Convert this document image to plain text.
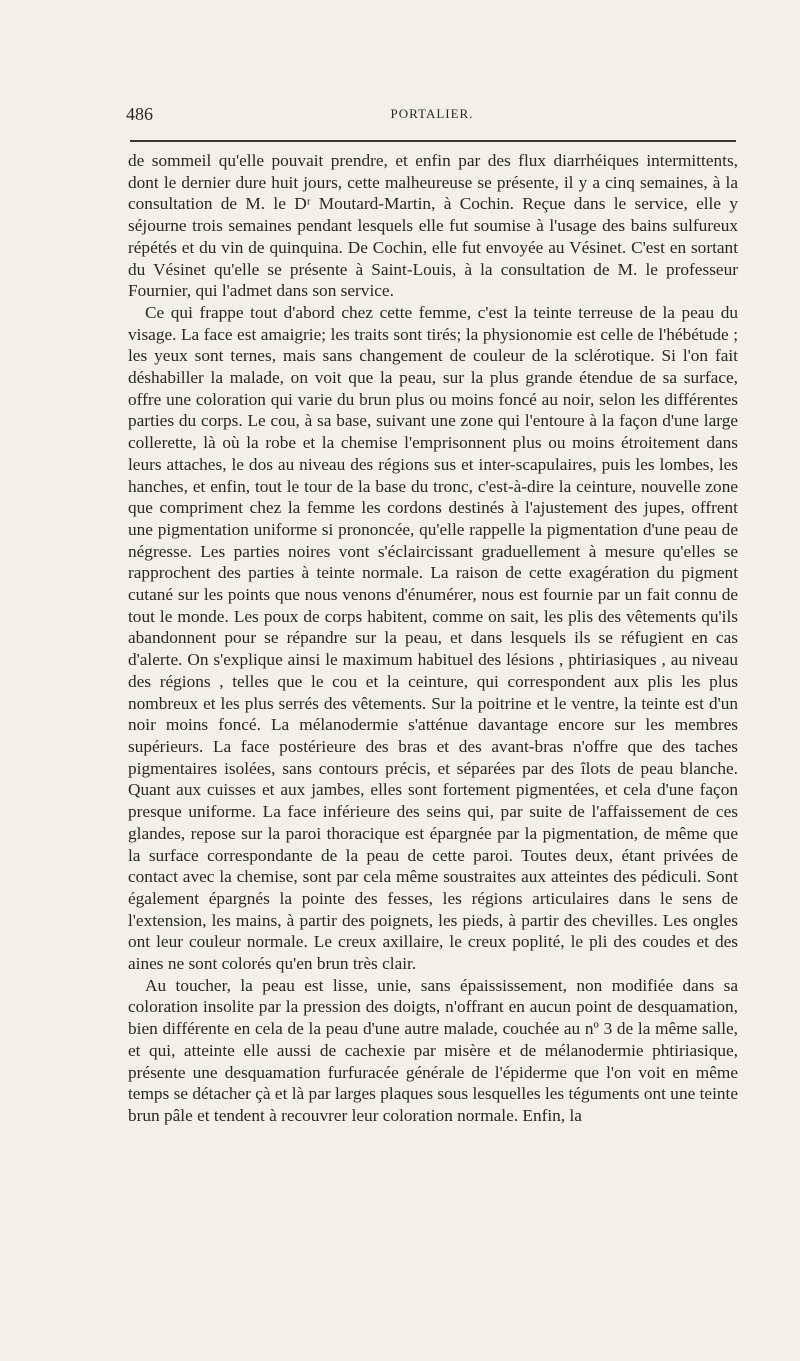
486	PORTALIER.

de sommeil qu'elle pouvait prendre, et enfin par des flux diarrhéiques intermittents, dont le dernier dure huit jours, cette malheureuse se présente, il y a cinq semaines, à la consultation de M. le Dʳ Moutard-Martin, à Cochin. Reçue dans le service, elle y séjourne trois semaines pendant lesquels elle fut soumise à l'usage des bains sulfureux répétés et du vin de quinquina. De Cochin, elle fut envoyée au Vésinet. C'est en sortant du Vésinet qu'elle se présente à Saint-Louis, à la consultation de M. le professeur Fournier, qui l'admet dans son service.

Ce qui frappe tout d'abord chez cette femme, c'est la teinte terreuse de la peau du visage. La face est amaigrie; les traits sont tirés; la physionomie est celle de l'hébétude ; les yeux sont ternes, mais sans changement de couleur de la sclérotique. Si l'on fait déshabiller la malade, on voit que la peau, sur la plus grande étendue de sa surface, offre une coloration qui varie du brun plus ou moins foncé au noir, selon les différentes parties du corps. Le cou, à sa base, suivant une zone qui l'entoure à la façon d'une large collerette, là où la robe et la chemise l'emprisonnent plus ou moins étroitement dans leurs attaches, le dos au niveau des régions sus et inter-scapulaires, puis les lombes, les hanches, et enfin, tout le tour de la base du tronc, c'est-à-dire la ceinture, nouvelle zone que compriment chez la femme les cordons destinés à l'ajustement des jupes, offrent une pigmentation uniforme si prononcée, qu'elle rappelle la pigmentation d'une peau de négresse. Les parties noires vont s'éclaircissant graduellement à mesure qu'elles se rapprochent des parties à teinte normale. La raison de cette exagération du pigment cutané sur les points que nous venons d'énumérer, nous est fournie par un fait connu de tout le monde. Les poux de corps habitent, comme on sait, les plis des vêtements qu'ils abandonnent pour se répandre sur la peau, et dans lesquels ils se réfugient en cas d'alerte. On s'explique ainsi le maximum habituel des lésions , phtiriasiques , au niveau des régions , telles que le cou et la ceinture, qui correspondent aux plis les plus nombreux et les plus serrés des vêtements. Sur la poitrine et le ventre, la teinte est d'un noir moins foncé. La mélanodermie s'atténue davantage encore sur les membres supérieurs. La face postérieure des bras et des avant-bras n'offre que des taches pigmentaires isolées, sans contours précis, et séparées par des îlots de peau blanche. Quant aux cuisses et aux jambes, elles sont fortement pigmentées, et cela d'une façon presque uniforme. La face inférieure des seins qui, par suite de l'affaissement de ces glandes, repose sur la paroi thoracique est épargnée par la pigmentation, de même que la surface correspondante de la peau de cette paroi. Toutes deux, étant privées de contact avec la chemise, sont par cela même soustraites aux atteintes des pédiculi. Sont également épargnés la pointe des fesses, les régions articulaires dans le sens de l'extension, les mains, à partir des poignets, les pieds, à partir des chevilles. Les ongles ont leur couleur normale. Le creux axillaire, le creux poplité, le pli des coudes et des aines ne sont colorés qu'en brun très clair.

Au toucher, la peau est lisse, unie, sans épaississement, non modifiée dans sa coloration insolite par la pression des doigts, n'offrant en aucun point de desquamation, bien différente en cela de la peau d'une autre malade, couchée au nº 3 de la même salle, et qui, atteinte elle aussi de cachexie par misère et de mélanodermie phtiriasique, présente une desquamation furfuracée générale de l'épiderme que l'on voit en même temps se détacher çà et là par larges plaques sous lesquelles les téguments ont une teinte brun pâle et tendent à recouvrer leur coloration normale. Enfin, la
